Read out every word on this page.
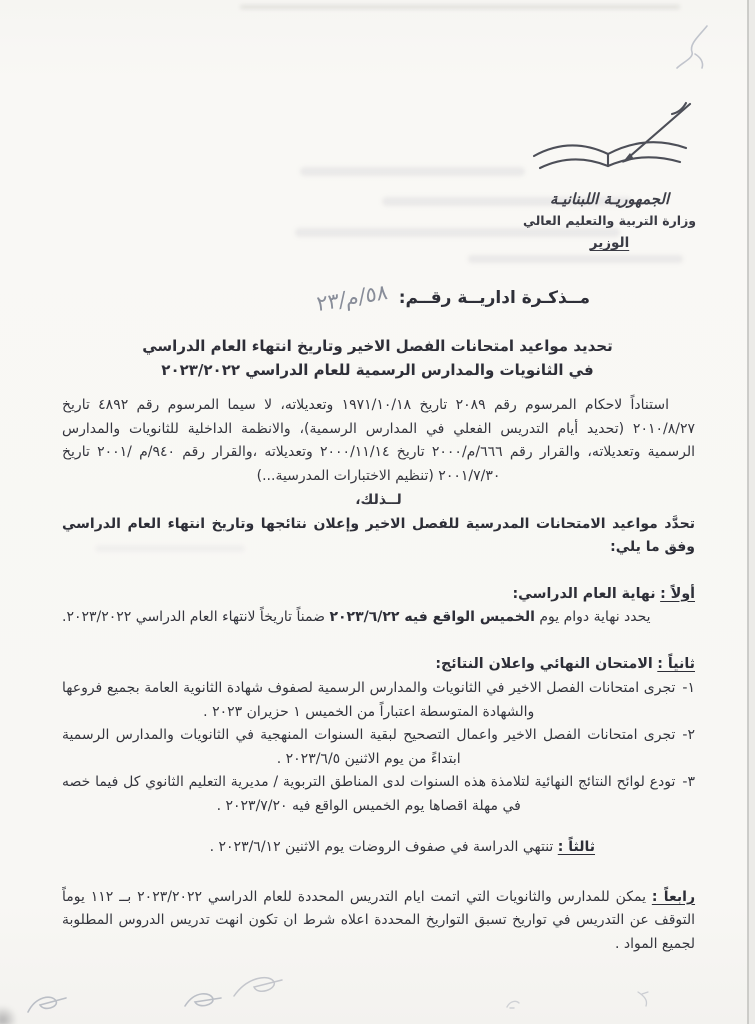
الجمهوريـة اللبنانيـة
وزارة التربية والتعليم العالي
الوزير
مــذكـرة اداريــة رقــم:
٥٨/م/٢٣
تحديد مواعيد امتحانات الفصل الاخير وتاريخ انتهاء العام الدراسي
في الثانويات والمدارس الرسمية للعام الدراسي ٢٠٢٣/٢٠٢٢

استناداً لاحكام المرسوم رقم ٢٠٨٩ تاريخ ١٩٧١/١٠/١٨ وتعديلاته، لا سيما المرسوم رقم ٤٨٩٢ تاريخ ٢٠١٠/٨/٢٧ (تحديد أيام التدريس الفعلي في المدارس الرسمية)، والانظمة الداخلية للثانويات والمدارس الرسمية وتعديلاته، والقرار رقم ٦٦٦/م/٢٠٠٠ تاريخ ٢٠٠٠/١١/١٤ وتعديلاته ،والقرار رقم ٩٤٠/م /٢٠٠١ تاريخ ٢٠٠١/٧/٣٠ (تنظيم الاختبارات المدرسية...)

لــذلك،

تحدَّد مواعيد الامتحانات المدرسية للفصل الاخير وإعلان نتائجها وتاريخ انتهاء العام الدراسي وفق ما يلي:

أولاً : نهاية العام الدراسي:

يحدد نهاية دوام يوم الخميس الواقع فيه ٢٠٢٣/٦/٢٢ ضمناً تاريخاً لانتهاء العام الدراسي ٢٠٢٣/٢٠٢٢.

ثانياً : الامتحان النهائي واعلان النتائج:
١-
تجرى امتحانات الفصل الاخير في الثانويات والمدارس الرسمية لصفوف شهادة الثانوية العامة بجميع فروعها والشهادة المتوسطة اعتباراً من الخميس ١ حزيران ٢٠٢٣ .
٢-
تجرى امتحانات الفصل الاخير واعمال التصحيح لبقية السنوات المنهجية في الثانويات والمدارس الرسمية ابتداءً من يوم الاثنين ٢٠٢٣/٦/٥ .
٣-
تودع لوائح النتائج النهائية لتلامذة هذه السنوات لدى المناطق التربوية / مديرية التعليم الثانوي كل فيما خصه في مهلة اقصاها يوم الخميس الواقع فيه ٢٠٢٣/٧/٢٠ .
ثالثاً : تنتهي الدراسة في صفوف الروضات يوم الاثنين ٢٠٢٣/٦/١٢ .
رابعاً : يمكن للمدارس والثانويات التي اتمت ايام التدريس المحددة للعام الدراسي ٢٠٢٣/٢٠٢٢ بــ ١١٢ يوماً التوقف عن التدريس في تواريخ تسبق التواريخ المحددة اعلاه شرط ان تكون انهت تدريس الدروس المطلوبة لجميع المواد .
